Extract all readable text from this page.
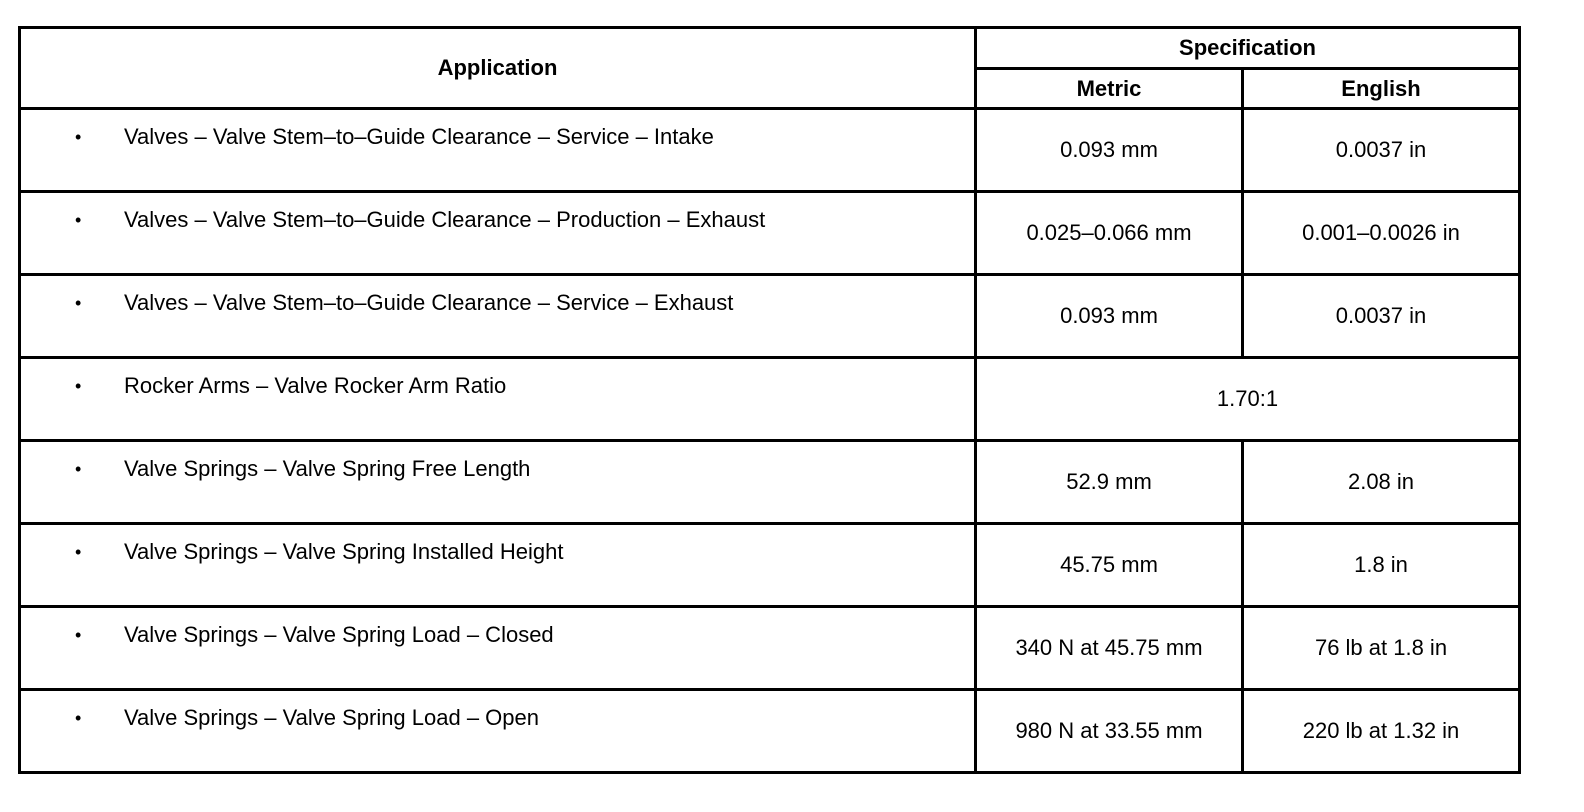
Application	Specification	
	Metric	English

• Valves – Valve Stem–to–Guide Clearance – Service – Intake	0.093 mm	0.0037 in

• Valves – Valve Stem–to–Guide Clearance – Production – Exhaust	0.025–0.066 mm	0.001–0.0026 in

• Valves – Valve Stem–to–Guide Clearance – Service – Exhaust	0.093 mm	0.0037 in

• Rocker Arms – Valve Rocker Arm Ratio	1.70:1	

• Valve Springs – Valve Spring Free Length	52.9 mm	2.08 in

• Valve Springs – Valve Spring Installed Height	45.75 mm	1.8 in

• Valve Springs – Valve Spring Load – Closed	340 N at 45.75 mm	76 lb at 1.8 in

• Valve Springs – Valve Spring Load – Open	980 N at 33.55 mm	220 lb at 1.32 in
